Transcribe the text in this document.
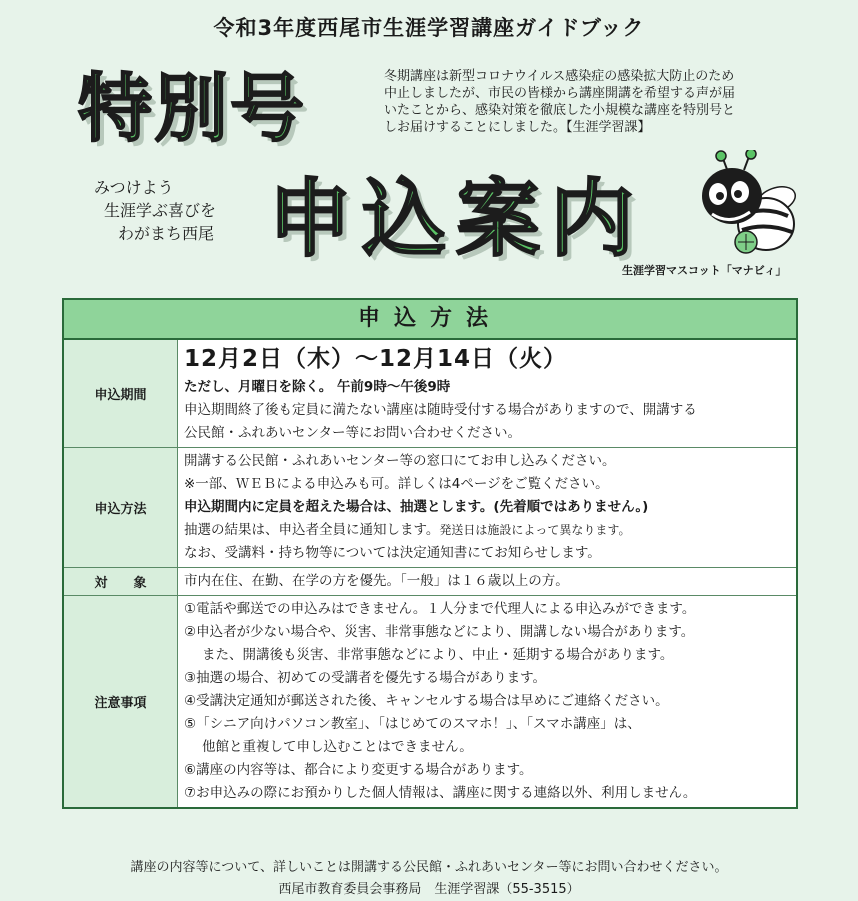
令和3年度西尾市生涯学習講座ガイドブック
特別号	冬期講座は新型コロナウイルス感染症の感染拡大防止のため
中止しましたが、市民の皆様から講座開講を希望する声が届
いたことから、感染対策を徹底した小規模な講座を特別号と
しお届けすることにしました。【生涯学習課】
みつけよう
生涯学ぶ喜びを
わがまち西尾 申込案内
生涯学習マスコット「マナビィ」
申込方法
申込期間
12月2日（木）～12月14日（火）
ただし、月曜日を除く。 午前9時～午後9時
申込期間終了後も定員に満たない講座は随時受付する場合がありますので、開講する
公民館・ふれあいセンター等にお問い合わせください。
申込方法
開講する公民館・ふれあいセンター等の窓口にてお申し込みください。
※一部、ＷＥＢによる申込みも可。詳しくは4ページをご覧ください。
申込期間内に定員を超えた場合は、抽選とします。(先着順ではありません。)
抽選の結果は、申込者全員に通知します。発送日は施設によって異なります。
なお、受講料・持ち物等については決定通知書にてお知らせします。
対　　象	市内在住、在勤、在学の方を優先。「一般」は１６歳以上の方。
注意事項
①電話や郵送での申込みはできません。１人分まで代理人による申込みができます。
②申込者が少ない場合や、災害、非常事態などにより、開講しない場合があります。
また、開講後も災害、非常事態などにより、中止・延期する場合があります。
③抽選の場合、初めての受講者を優先する場合があります。
④受講決定通知が郵送された後、キャンセルする場合は早めにご連絡ください。
⑤「シニア向けパソコン教室」、「はじめてのスマホ！」、「スマホ講座」は、
他館と重複して申し込むことはできません。
⑥講座の内容等は、都合により変更する場合があります。
⑦お申込みの際にお預かりした個人情報は、講座に関する連絡以外、利用しません。
講座の内容等について、詳しいことは開講する公民館・ふれあいセンター等にお問い合わせください。
西尾市教育委員会事務局　生涯学習課（55-3515）
